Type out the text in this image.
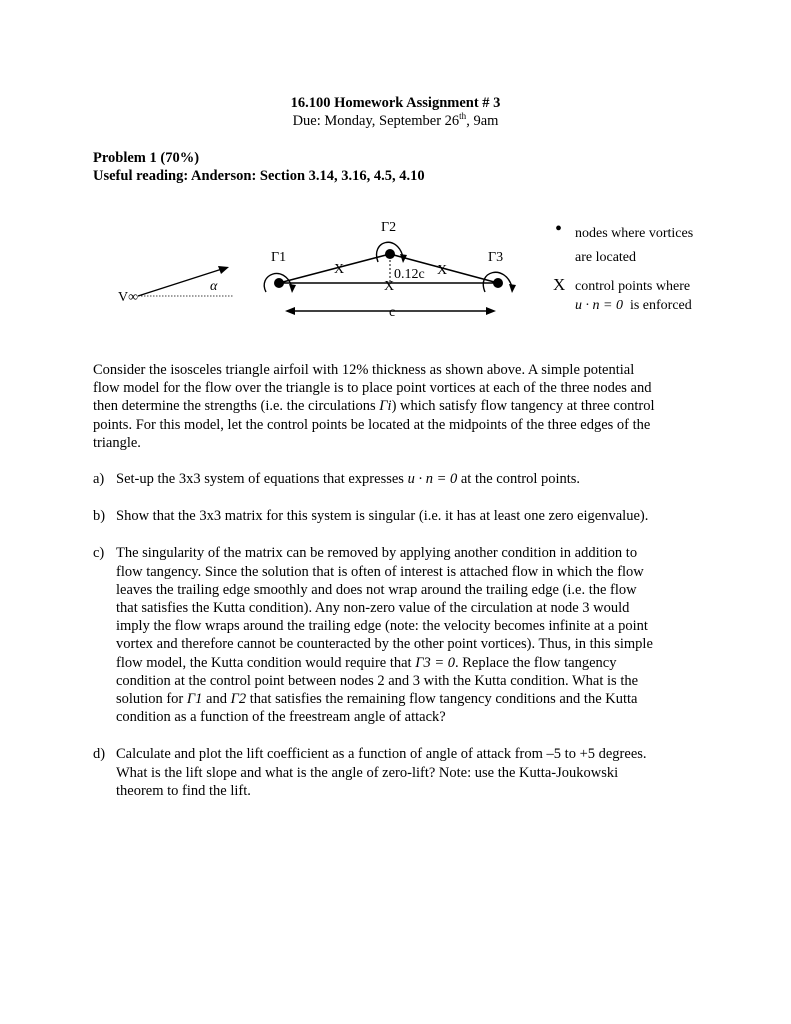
16.100 Homework Assignment # 3
Due: Monday, September 26th, 9am
Problem 1 (70%)
Useful reading: Anderson: Section 3.14, 3.16, 4.5, 4.10
X
X
X
Γ1
Γ2
Γ3
0.12c
c
V∞
α
• nodes where vortices
are located
X control points where
u · n = 0 is enforced

Consider the isosceles triangle airfoil with 12% thickness as shown above. A simple potential

flow model for the flow over the triangle is to place point vortices at each of the three nodes and

then determine the strengths (i.e. the circulations Γi) which satisfy flow tangency at three control

points. For this model, let the control points be located at the midpoints of the three edges of the

triangle.

a) Set-up the 3x3 system of equations that expresses u · n = 0 at the control points.
b) Show that the 3x3 matrix for this system is singular (i.e. it has at least one zero eigenvalue).
c) The singularity of the matrix can be removed by applying another condition in addition to
flow tangency. Since the solution that is often of interest is attached flow in which the flow
leaves the trailing edge smoothly and does not wrap around the trailing edge (i.e. the flow
that satisfies the Kutta condition). Any non-zero value of the circulation at node 3 would
imply the flow wraps around the trailing edge (note: the velocity becomes infinite at a point
vortex and therefore cannot be counteracted by the other point vortices). Thus, in this simple
flow model, the Kutta condition would require that Γ3 = 0. Replace the flow tangency
condition at the control point between nodes 2 and 3 with the Kutta condition. What is the
solution for Γ1 and Γ2 that satisfies the remaining flow tangency conditions and the Kutta
condition as a function of the freestream angle of attack?
d) Calculate and plot the lift coefficient as a function of angle of attack from –5 to +5 degrees.
What is the lift slope and what is the angle of zero-lift? Note: use the Kutta-Joukowski
theorem to find the lift.
